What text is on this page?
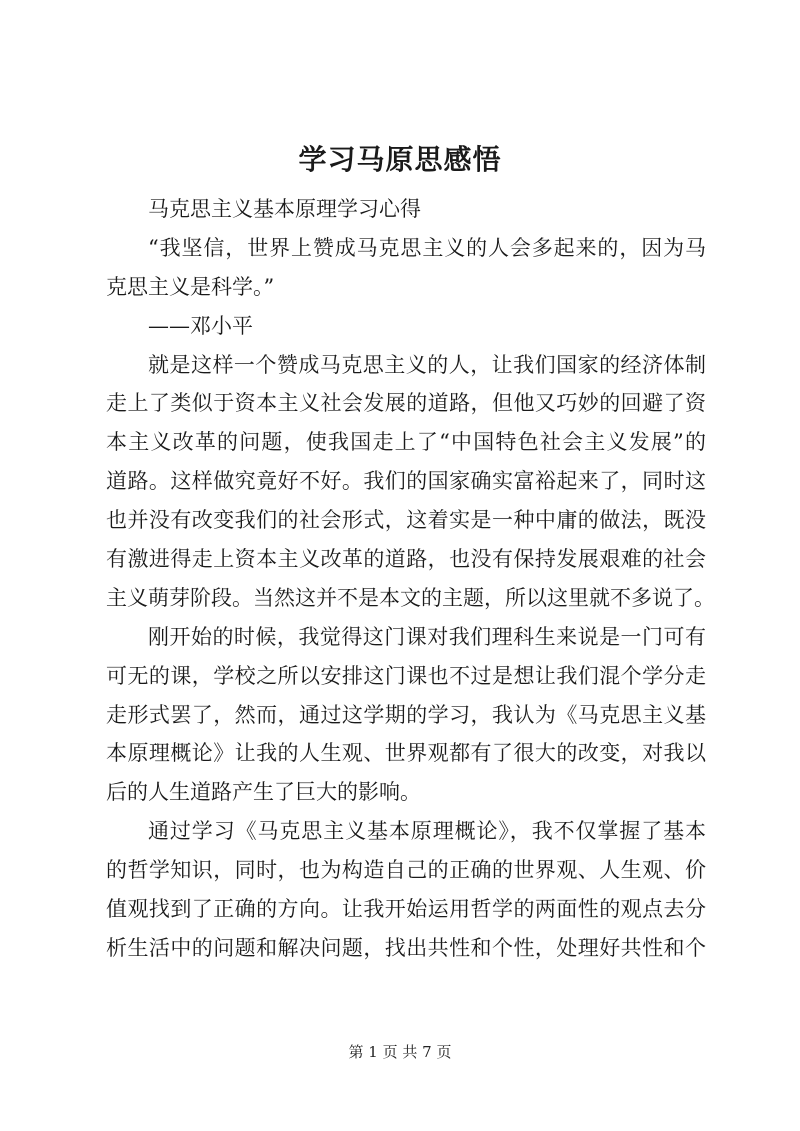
学习马原思感悟
马克思主义基本原理学习心得
“我坚信，世界上赞成马克思主义的人会多起来的，因为马
克思主义是科学。”
——邓小平
就是这样一个赞成马克思主义的人，让我们国家的经济体制
走上了类似于资本主义社会发展的道路，但他又巧妙的回避了资
本主义改革的问题，使我国走上了“中国特色社会主义发展”的
道路。这样做究竟好不好。我们的国家确实富裕起来了，同时这
也并没有改变我们的社会形式，这着实是一种中庸的做法，既没
有激进得走上资本主义改革的道路，也没有保持发展艰难的社会
主义萌芽阶段。当然这并不是本文的主题，所以这里就不多说了。
刚开始的时候，我觉得这门课对我们理科生来说是一门可有
可无的课，学校之所以安排这门课也不过是想让我们混个学分走
走形式罢了，然而，通过这学期的学习，我认为《马克思主义基
本原理概论》让我的人生观、世界观都有了很大的改变，对我以
后的人生道路产生了巨大的影响。
通过学习《马克思主义基本原理概论》，我不仅掌握了基本
的哲学知识，同时，也为构造自己的正确的世界观、人生观、价
值观找到了正确的方向。让我开始运用哲学的两面性的观点去分
析生活中的问题和解决问题，找出共性和个性，处理好共性和个
第 1 页 共 7 页
